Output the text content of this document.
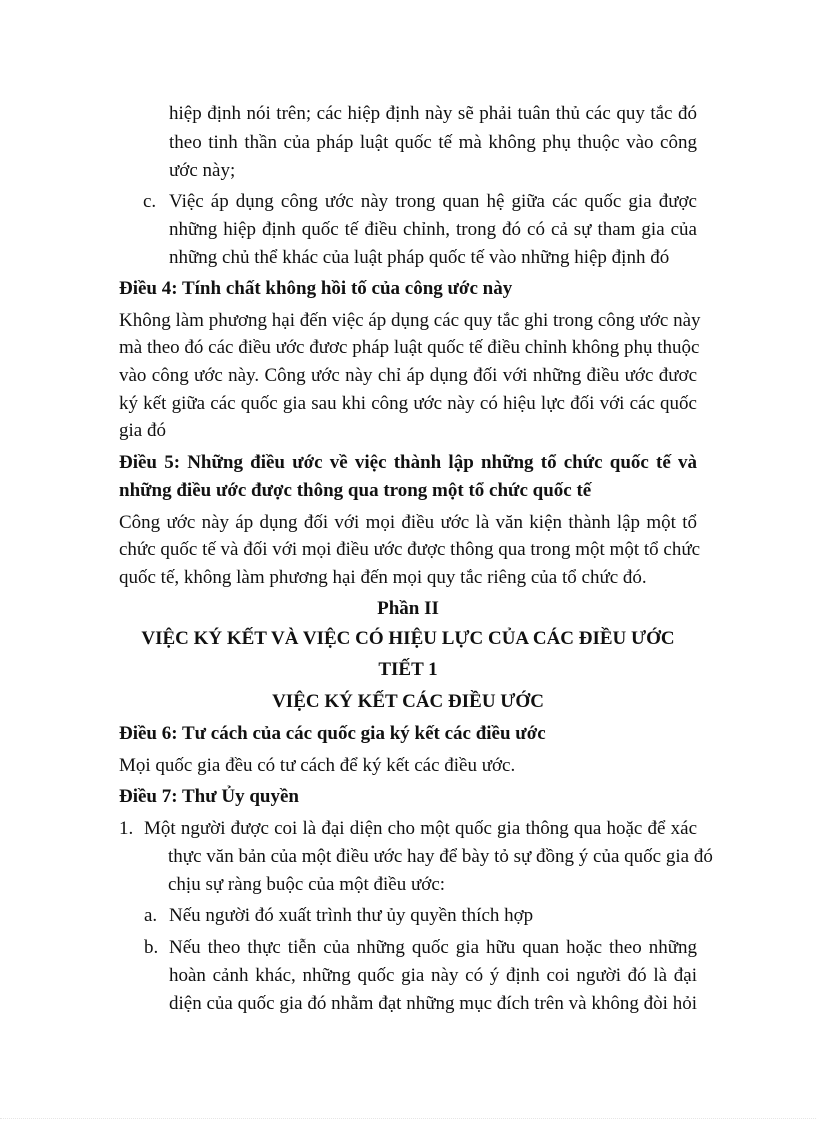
hiệp định nói trên; các hiệp định này sẽ phải tuân thủ các quy tắc đó
theo tinh thần của pháp luật quốc tế mà không phụ thuộc vào công
ước này;
c. Việc áp dụng công ước này trong quan hệ giữa các quốc gia được
những hiệp định quốc tế điều chỉnh, trong đó có cả sự tham gia của
những chủ thể khác của luật pháp quốc tế vào những hiệp định đó
Điều 4: Tính chất không hồi tố của công ước này
Không làm phương hại đến việc áp dụng các quy tắc ghi trong công ước này
mà theo đó các điều ước đươc pháp luật quốc tế điều chỉnh không phụ thuộc
vào công ước này. Công ước này chỉ áp dụng đối với những điều ước đươc
ký kết giữa các quốc gia sau khi công ước này có hiệu lực đối với các quốc
gia đó
Điều 5: Những điều ước về việc thành lập những tổ chức quốc tế và
những điều ước được thông qua trong một tổ chức quốc tế
Công ước này áp dụng đối với mọi điều ước là văn kiện thành lập một tổ
chức quốc tế và đối với mọi điều ước được thông qua trong một một tổ chức
quốc tế, không làm phương hại đến mọi quy tắc riêng của tổ chức đó.
Phần II
VIỆC KÝ KẾT VÀ VIỆC CÓ HIỆU LỰC CỦA CÁC ĐIỀU ƯỚC
TIẾT 1
VIỆC KÝ KẾT CÁC ĐIỀU ƯỚC
Điều 6: Tư cách của các quốc gia ký kết các điều ước
Mọi quốc gia đều có tư cách để ký kết các điều ước.
Điều 7: Thư Ủy quyền
1. Một người được coi là đại diện cho một quốc gia thông qua hoặc để xác
thực văn bản của một điều ước hay để bày tỏ sự đồng ý của quốc gia đó
chịu sự ràng buộc của một điều ước:
a. Nếu người đó xuất trình thư ủy quyền thích hợp
b. Nếu theo thực tiễn của những quốc gia hữu quan hoặc theo những
hoàn cảnh khác, những quốc gia này có ý định coi người đó là đại
diện của quốc gia đó nhằm đạt những mục đích trên và không đòi hỏi
